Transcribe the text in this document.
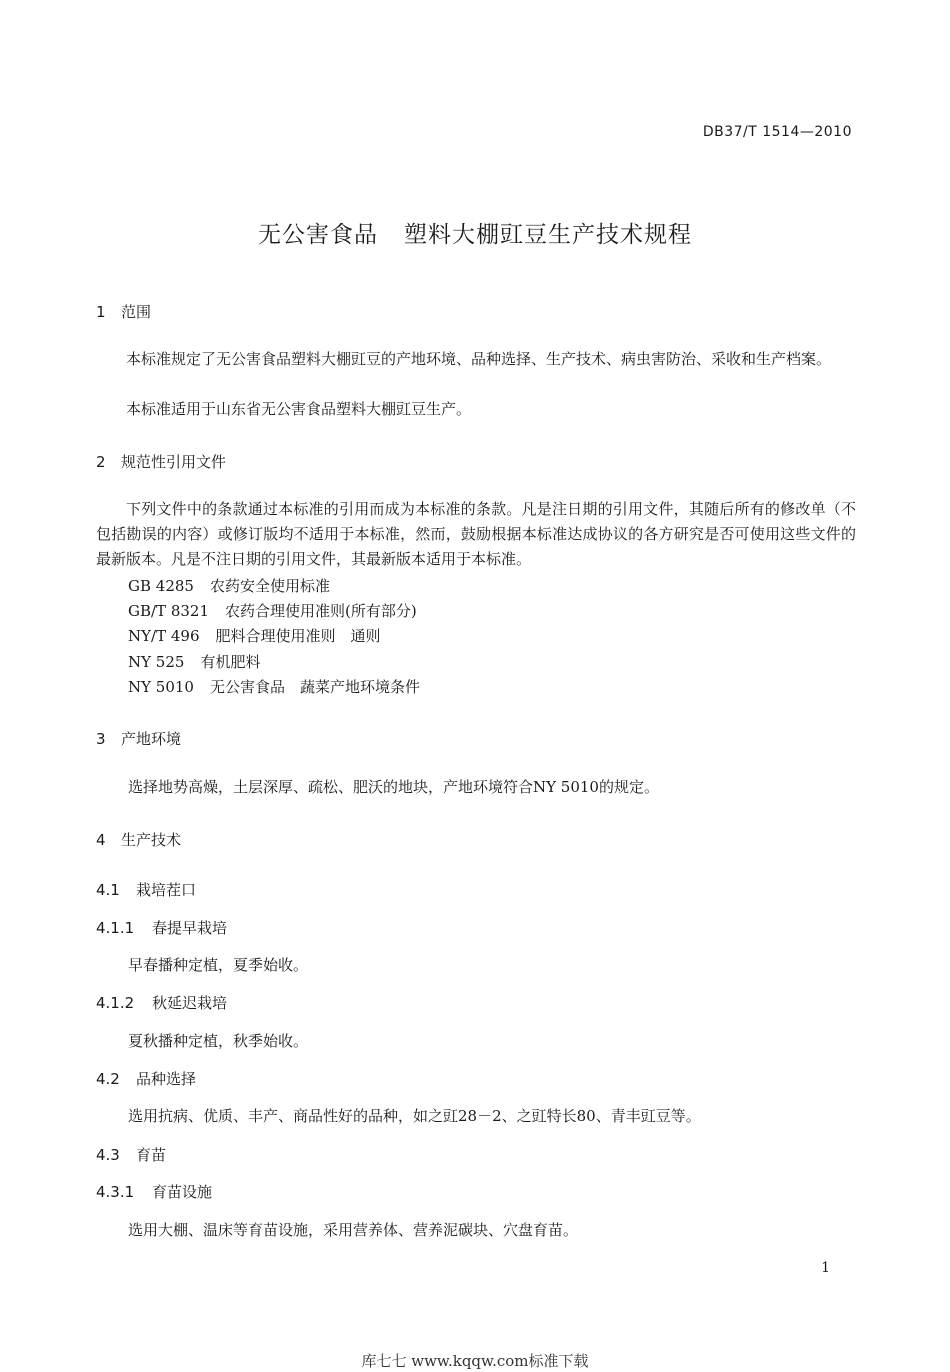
DB37/T 1514—2010
无公害食品 塑料大棚豇豆生产技术规程
1 范围
本标准规定了无公害食品塑料大棚豇豆的产地环境、品种选择、生产技术、病虫害防治、采收和生产档案。
本标准适用于山东省无公害食品塑料大棚豇豆生产。
2 规范性引用文件
下列文件中的条款通过本标准的引用而成为本标准的条款。凡是注日期的引用文件，其随后所有的修改单（不包括勘误的内容）或修订版均不适用于本标准，然而，鼓励根据本标准达成协议的各方研究是否可使用这些文件的最新版本。凡是不注日期的引用文件，其最新版本适用于本标准。
GB 4285 农药安全使用标准
GB/T 8321 农药合理使用准则(所有部分)
NY/T 496 肥料合理使用准则　通则
NY 525 有机肥料
NY 5010 无公害食品　蔬菜产地环境条件
3 产地环境
选择地势高燥，土层深厚、疏松、肥沃的地块，产地环境符合NY 5010的规定。
4 生产技术
4.1 栽培茬口
4.1.1 春提早栽培
早春播种定植，夏季始收。
4.1.2 秋延迟栽培
夏秋播种定植，秋季始收。
4.2 品种选择
选用抗病、优质、丰产、商品性好的品种，如之豇28－2、之豇特长80、青丰豇豆等。
4.3 育苗
4.3.1 育苗设施
选用大棚、温床等育苗设施，采用营养体、营养泥碳块、穴盘育苗。
1
库七七 www.kqqw.com标准下载
